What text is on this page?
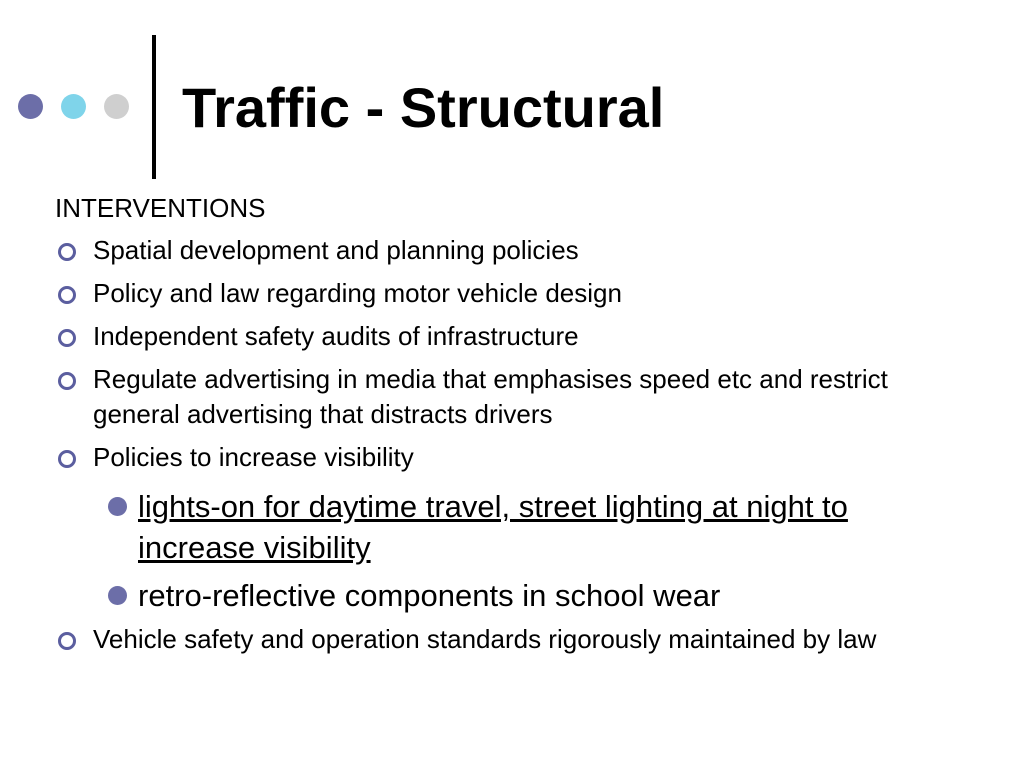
Traffic - Structural
INTERVENTIONS
Spatial development and planning policies
Policy and law regarding motor vehicle design
Independent safety audits of infrastructure
Regulate advertising in media that emphasises speed etc and restrict general advertising that distracts drivers
Policies to increase visibility
lights-on for daytime travel, street lighting at night to increase visibility
retro-reflective components in school wear
Vehicle safety and operation standards rigorously maintained by law
